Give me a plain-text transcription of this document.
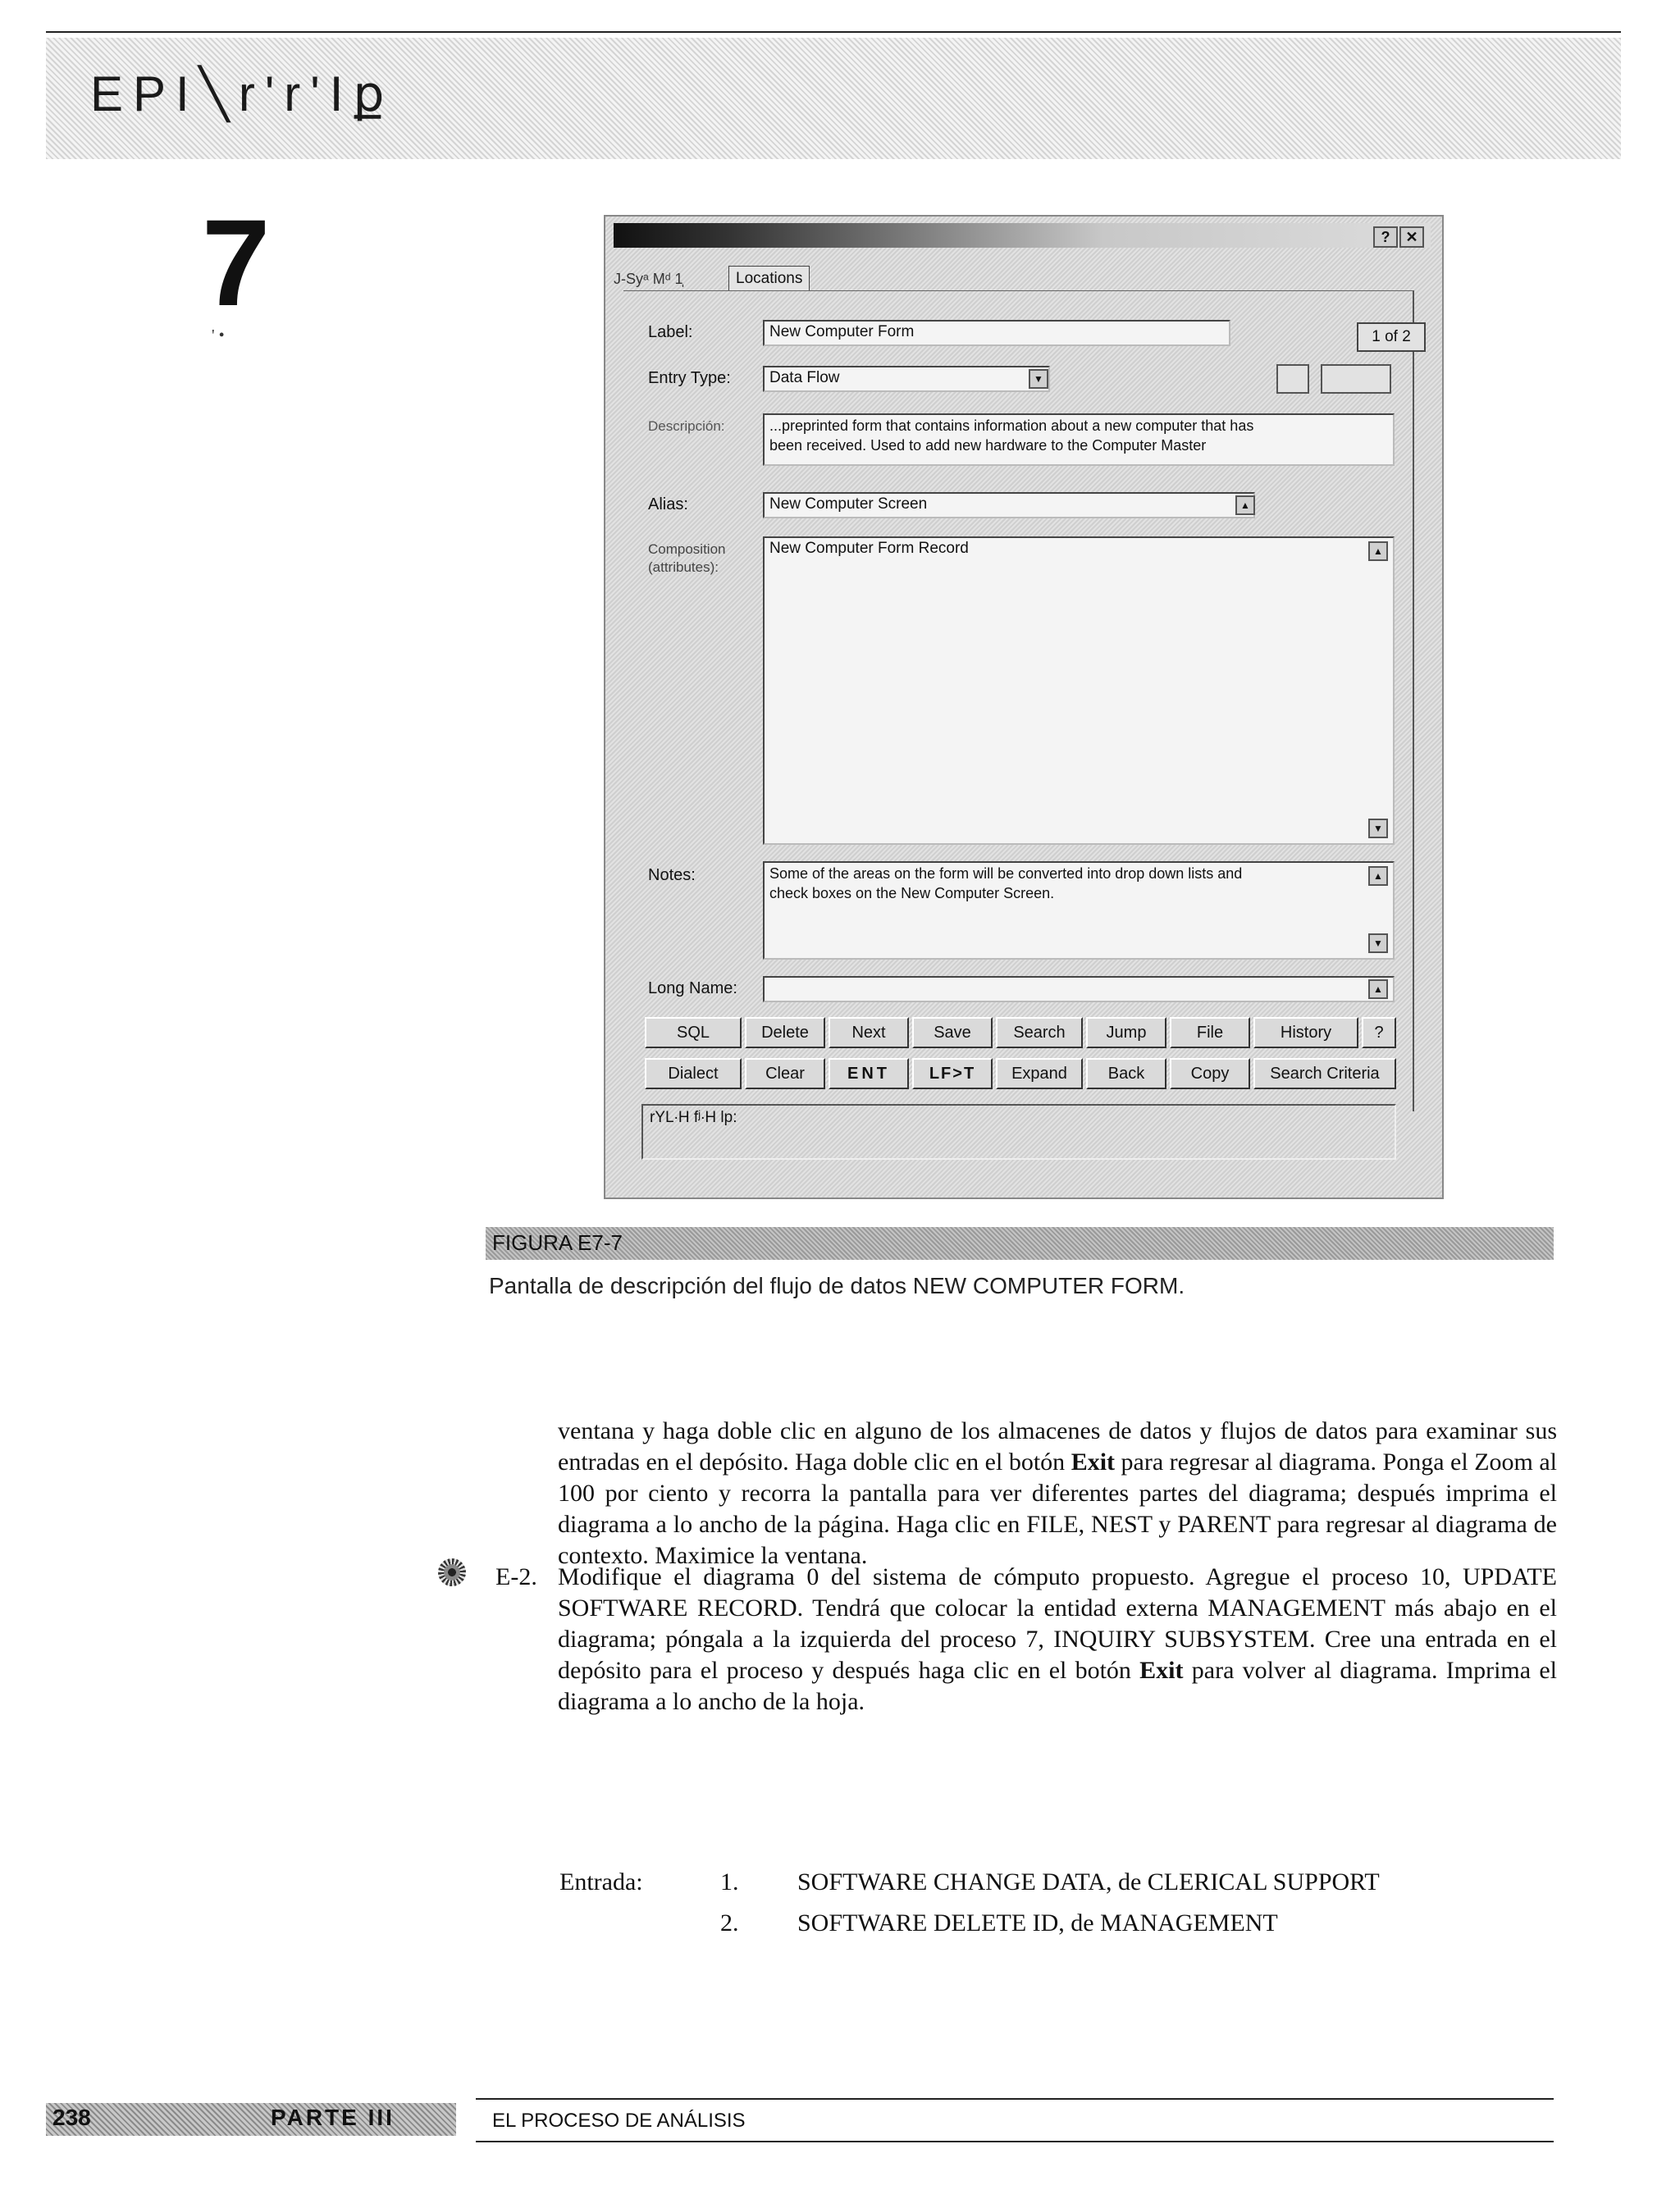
EPI╲r'r'Iք
7
' •
?	✕
J-Syᵃ Mᵈ 1̩	Locations
Label:	New Computer Form	1 of 2
Entry Type:	Data Flow	▼
Descripción:	...preprinted form that contains information about a new computer that has
been received. Used to add new hardware to the Computer Master
Alias:	New Computer Screen	▲
Composition
(attributes):
New Computer Form Record	▲
▼
Notes:	Some of the areas on the form will be converted into drop down lists and
check boxes on the New Computer Screen.
▲
▼
Long Name:	▲
SQL	Delete	Next	Save	Search	Jump	File	History	?
Dialect	Clear	ENT	LF>T	Expand	Back	Copy	Search Criteria
rYL∙H fʲ∙H lp:
FIGURA E7-7
Pantalla de descripción del flujo de datos NEW COMPUTER FORM.
ventana y haga doble clic en alguno de los almacenes de datos y flujos de datos para examinar sus entradas en el depósito. Haga doble clic en el botón Exit para regresar al diagrama. Ponga el Zoom al 100 por ciento y recorra la pantalla para ver diferentes partes del diagrama; después imprima el diagrama a lo ancho de la página. Haga clic en FILE, NEST y PARENT para regresar al diagrama de contexto. Maximice la ventana.
E-2. Modifique el diagrama 0 del sistema de cómputo propuesto. Agregue el proceso 10, UPDATE SOFTWARE RECORD. Tendrá que colocar la entidad externa MANAGEMENT más abajo en el diagrama; póngala a la izquierda del proceso 7, INQUIRY SUBSYSTEM. Cree una entrada en el depósito para el proceso y después haga clic en el botón Exit para volver al diagrama. Imprima el diagrama a lo ancho de la hoja.
Entrada:	1. SOFTWARE CHANGE DATA, de CLERICAL SUPPORT
2. SOFTWARE DELETE ID, de MANAGEMENT
238	PARTE III	EL PROCESO DE ANÁLISIS
